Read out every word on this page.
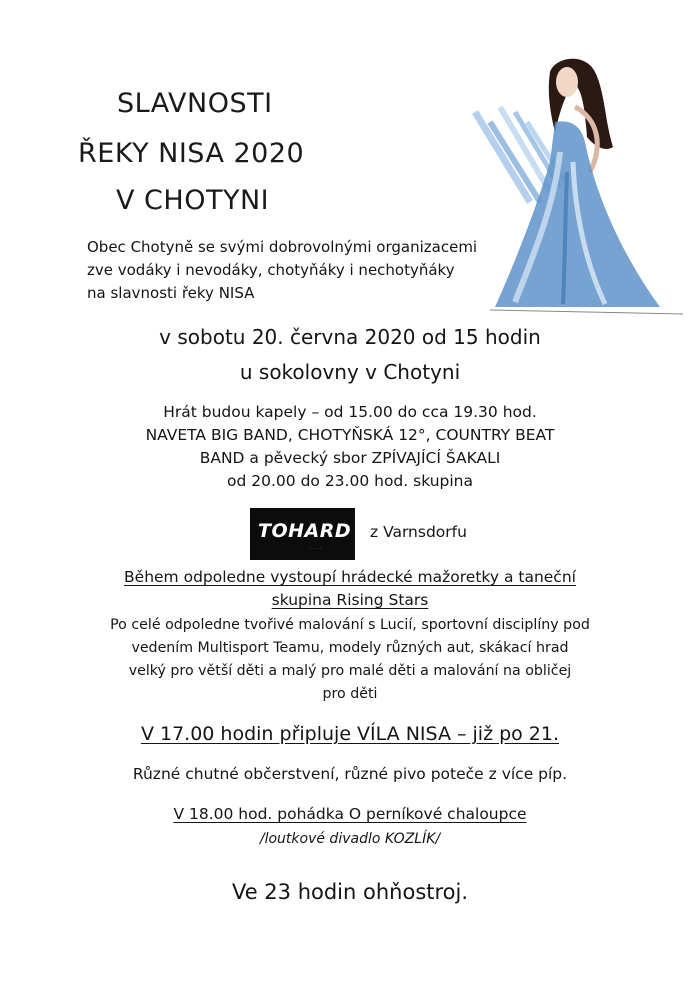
SLAVNOSTI
ŘEKY NISA 2020
V CHOTYNI
Obec Chotyně se svými dobrovolnými organizacemi
zve vodáky i nevodáky, chotyňáky i nechotyňáky
na slavnosti řeky NISA
v sobotu 20. června 2020 od 15 hodin
u sokolovny v Chotyni
Hrát budou kapely – od 15.00 do cca 19.30 hod.
NAVETA BIG BAND, CHOTYŇSKÁ 12°, COUNTRY BEAT
BAND a pěvecký sbor ZPÍVAJÍCÍ ŠAKALI
od 20.00 do 23.00 hod. skupina
TOHARD
· · · ·
z Varnsdorfu
Během odpoledne vystoupí hrádecké mažoretky a taneční
skupina Rising Stars
Po celé odpoledne tvořivé malování s Lucií, sportovní disciplíny pod
vedením Multisport Teamu, modely různých aut, skákací hrad
velký pro větší děti a malý pro malé děti a malování na obličej
pro děti
V 17.00 hodin připluje VÍLA NISA – již po 21.
Různé chutné občerstvení, různé pivo poteče z více píp.
V 18.00 hod. pohádka O perníkové chaloupce
/loutkové divadlo KOZLÍK/
Ve 23 hodin ohňostroj.
